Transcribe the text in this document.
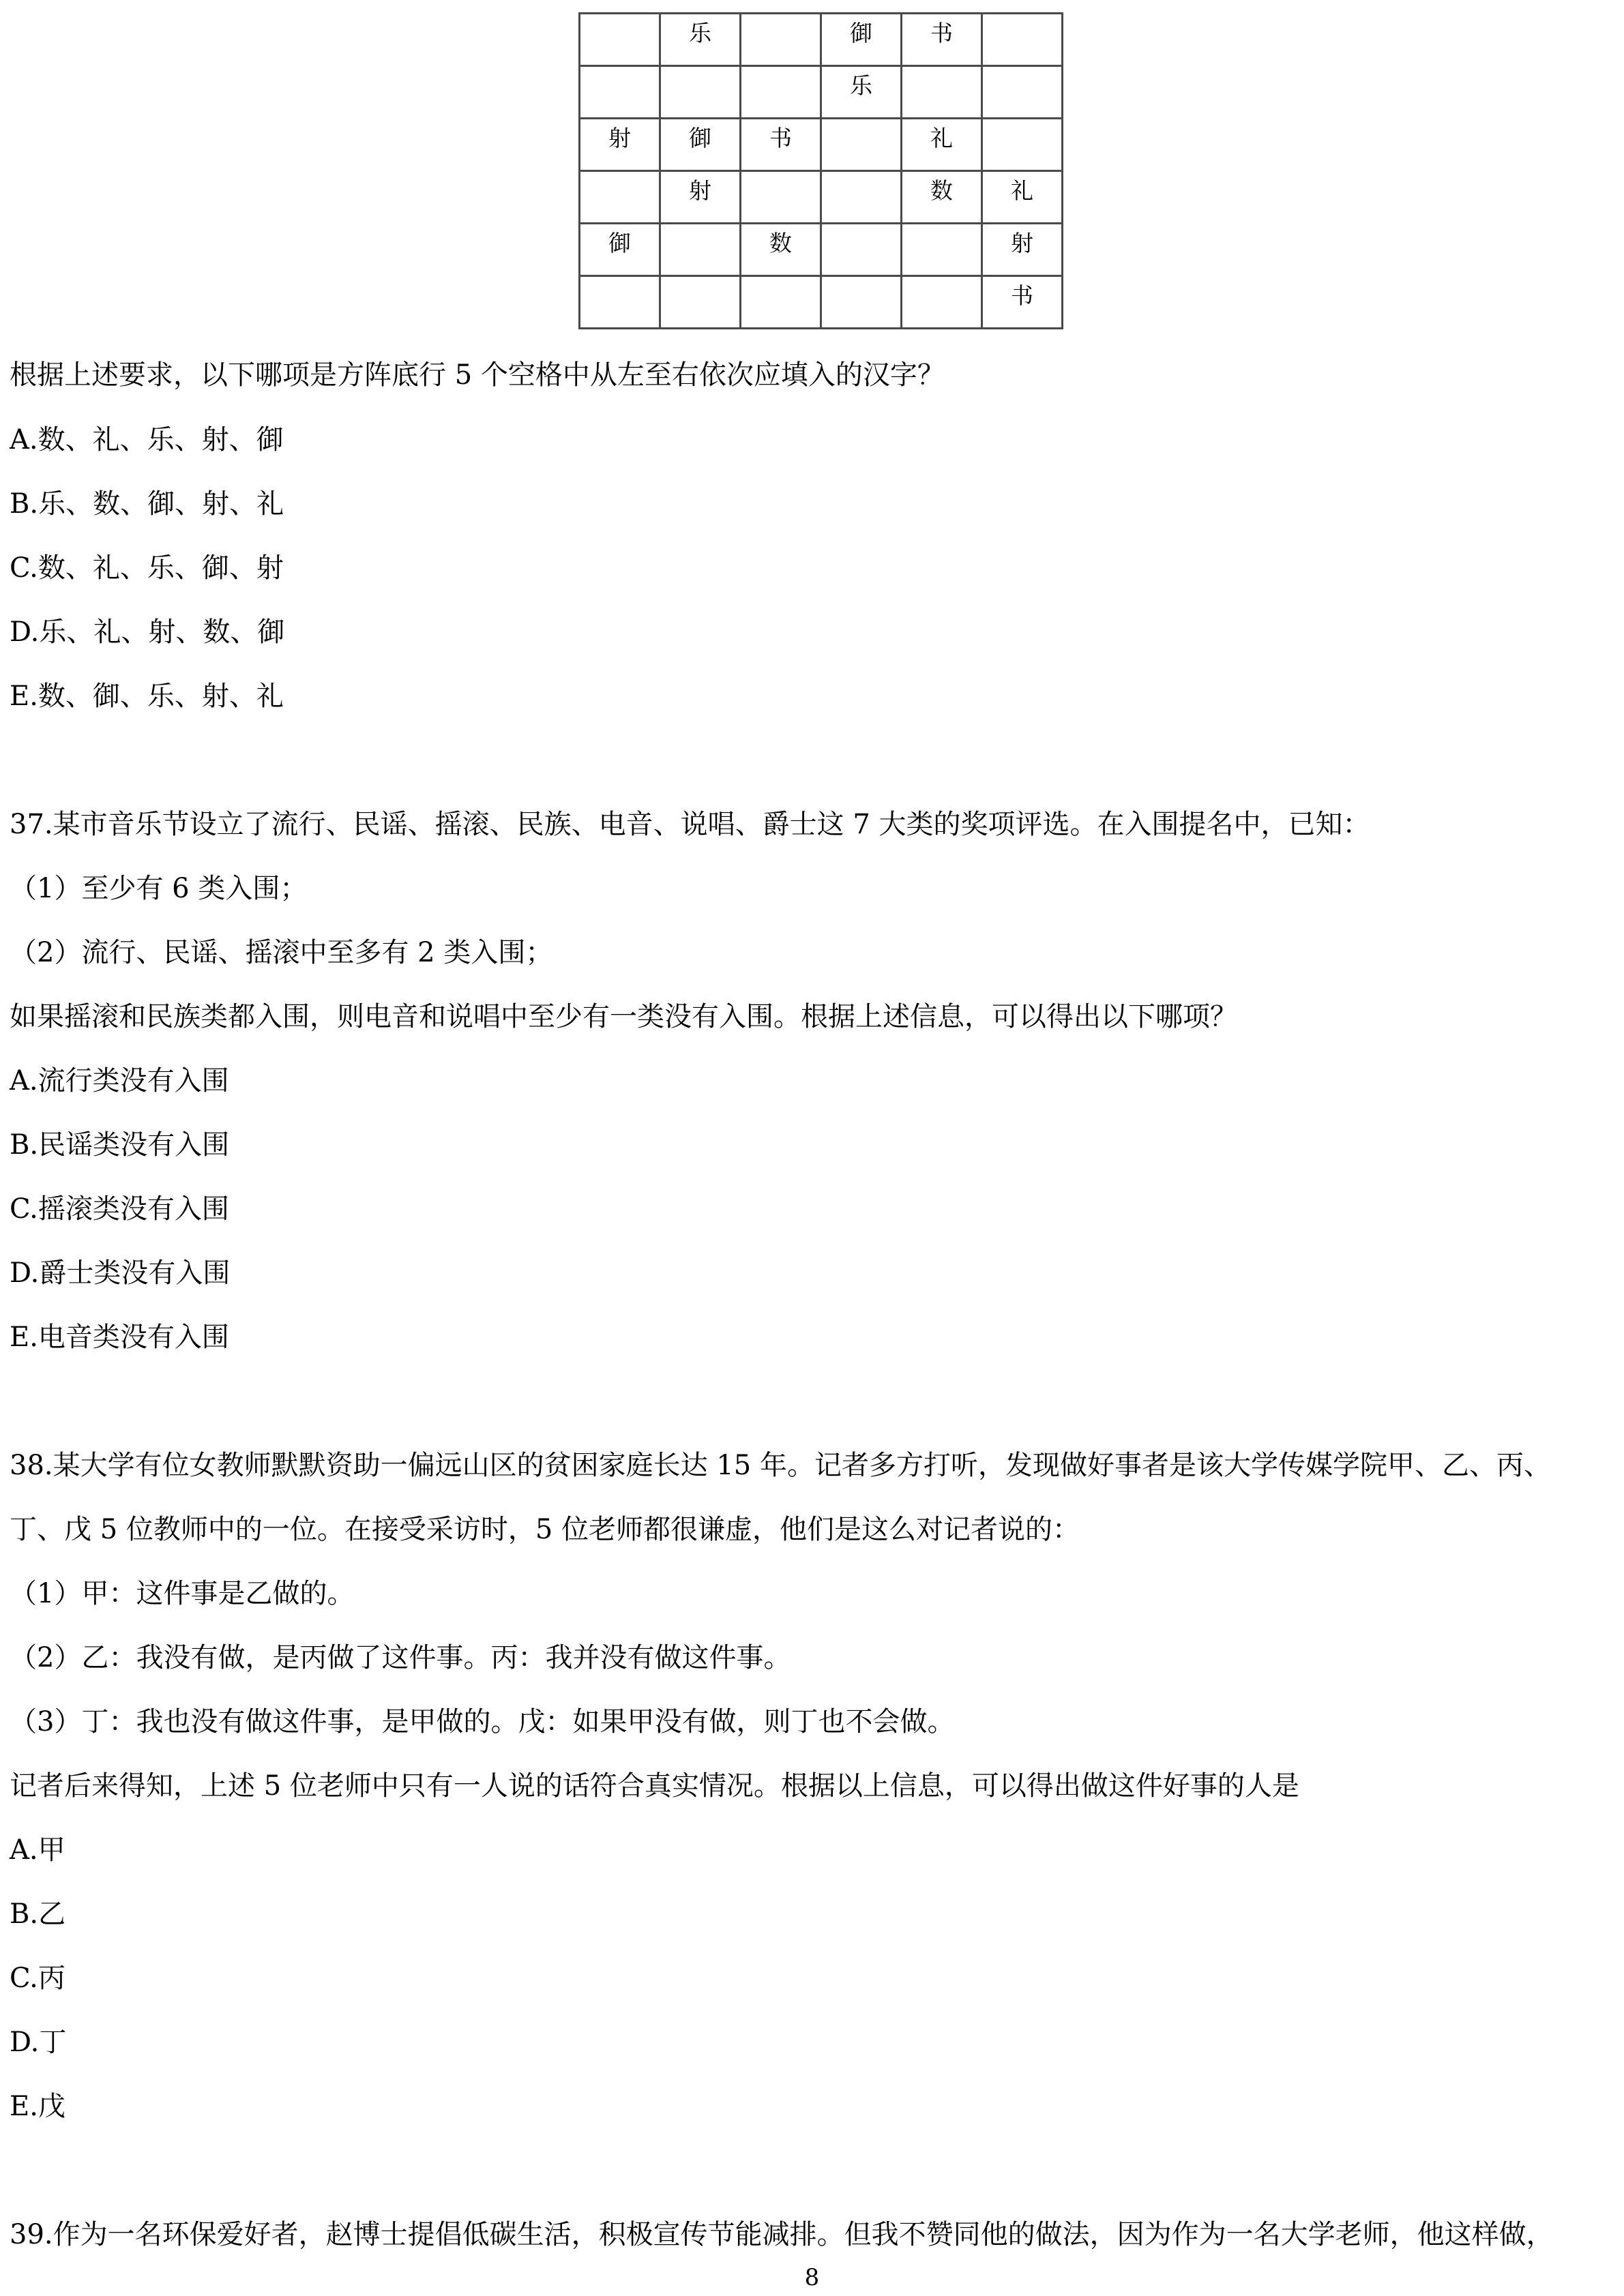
	乐		御	书	
			乐		
射	御	书		礼	
	射			数	礼
御		数			射
					书
根据上述要求，以下哪项是方阵底行 5 个空格中从左至右依次应填入的汉字？
A.数、礼、乐、射、御
B.乐、数、御、射、礼
C.数、礼、乐、御、射
D.乐、礼、射、数、御
E.数、御、乐、射、礼
37.某市音乐节设立了流行、民谣、摇滚、民族、电音、说唱、爵士这 7 大类的奖项评选。在入围提名中，已知：
（1）至少有 6 类入围；
（2）流行、民谣、摇滚中至多有 2 类入围；
如果摇滚和民族类都入围，则电音和说唱中至少有一类没有入围。根据上述信息，可以得出以下哪项？
A.流行类没有入围
B.民谣类没有入围
C.摇滚类没有入围
D.爵士类没有入围
E.电音类没有入围
38.某大学有位女教师默默资助一偏远山区的贫困家庭长达 15 年。记者多方打听，发现做好事者是该大学传媒学院甲、乙、丙、
丁、戊 5 位教师中的一位。在接受采访时，5 位老师都很谦虚，他们是这么对记者说的：
（1）甲：这件事是乙做的。
（2）乙：我没有做，是丙做了这件事。丙：我并没有做这件事。
（3）丁：我也没有做这件事，是甲做的。戊：如果甲没有做，则丁也不会做。
记者后来得知，上述 5 位老师中只有一人说的话符合真实情况。根据以上信息，可以得出做这件好事的人是
A.甲
B.乙
C.丙
D.丁
E.戊
39.作为一名环保爱好者，赵博士提倡低碳生活，积极宣传节能减排。但我不赞同他的做法，因为作为一名大学老师，他这样做，
8
